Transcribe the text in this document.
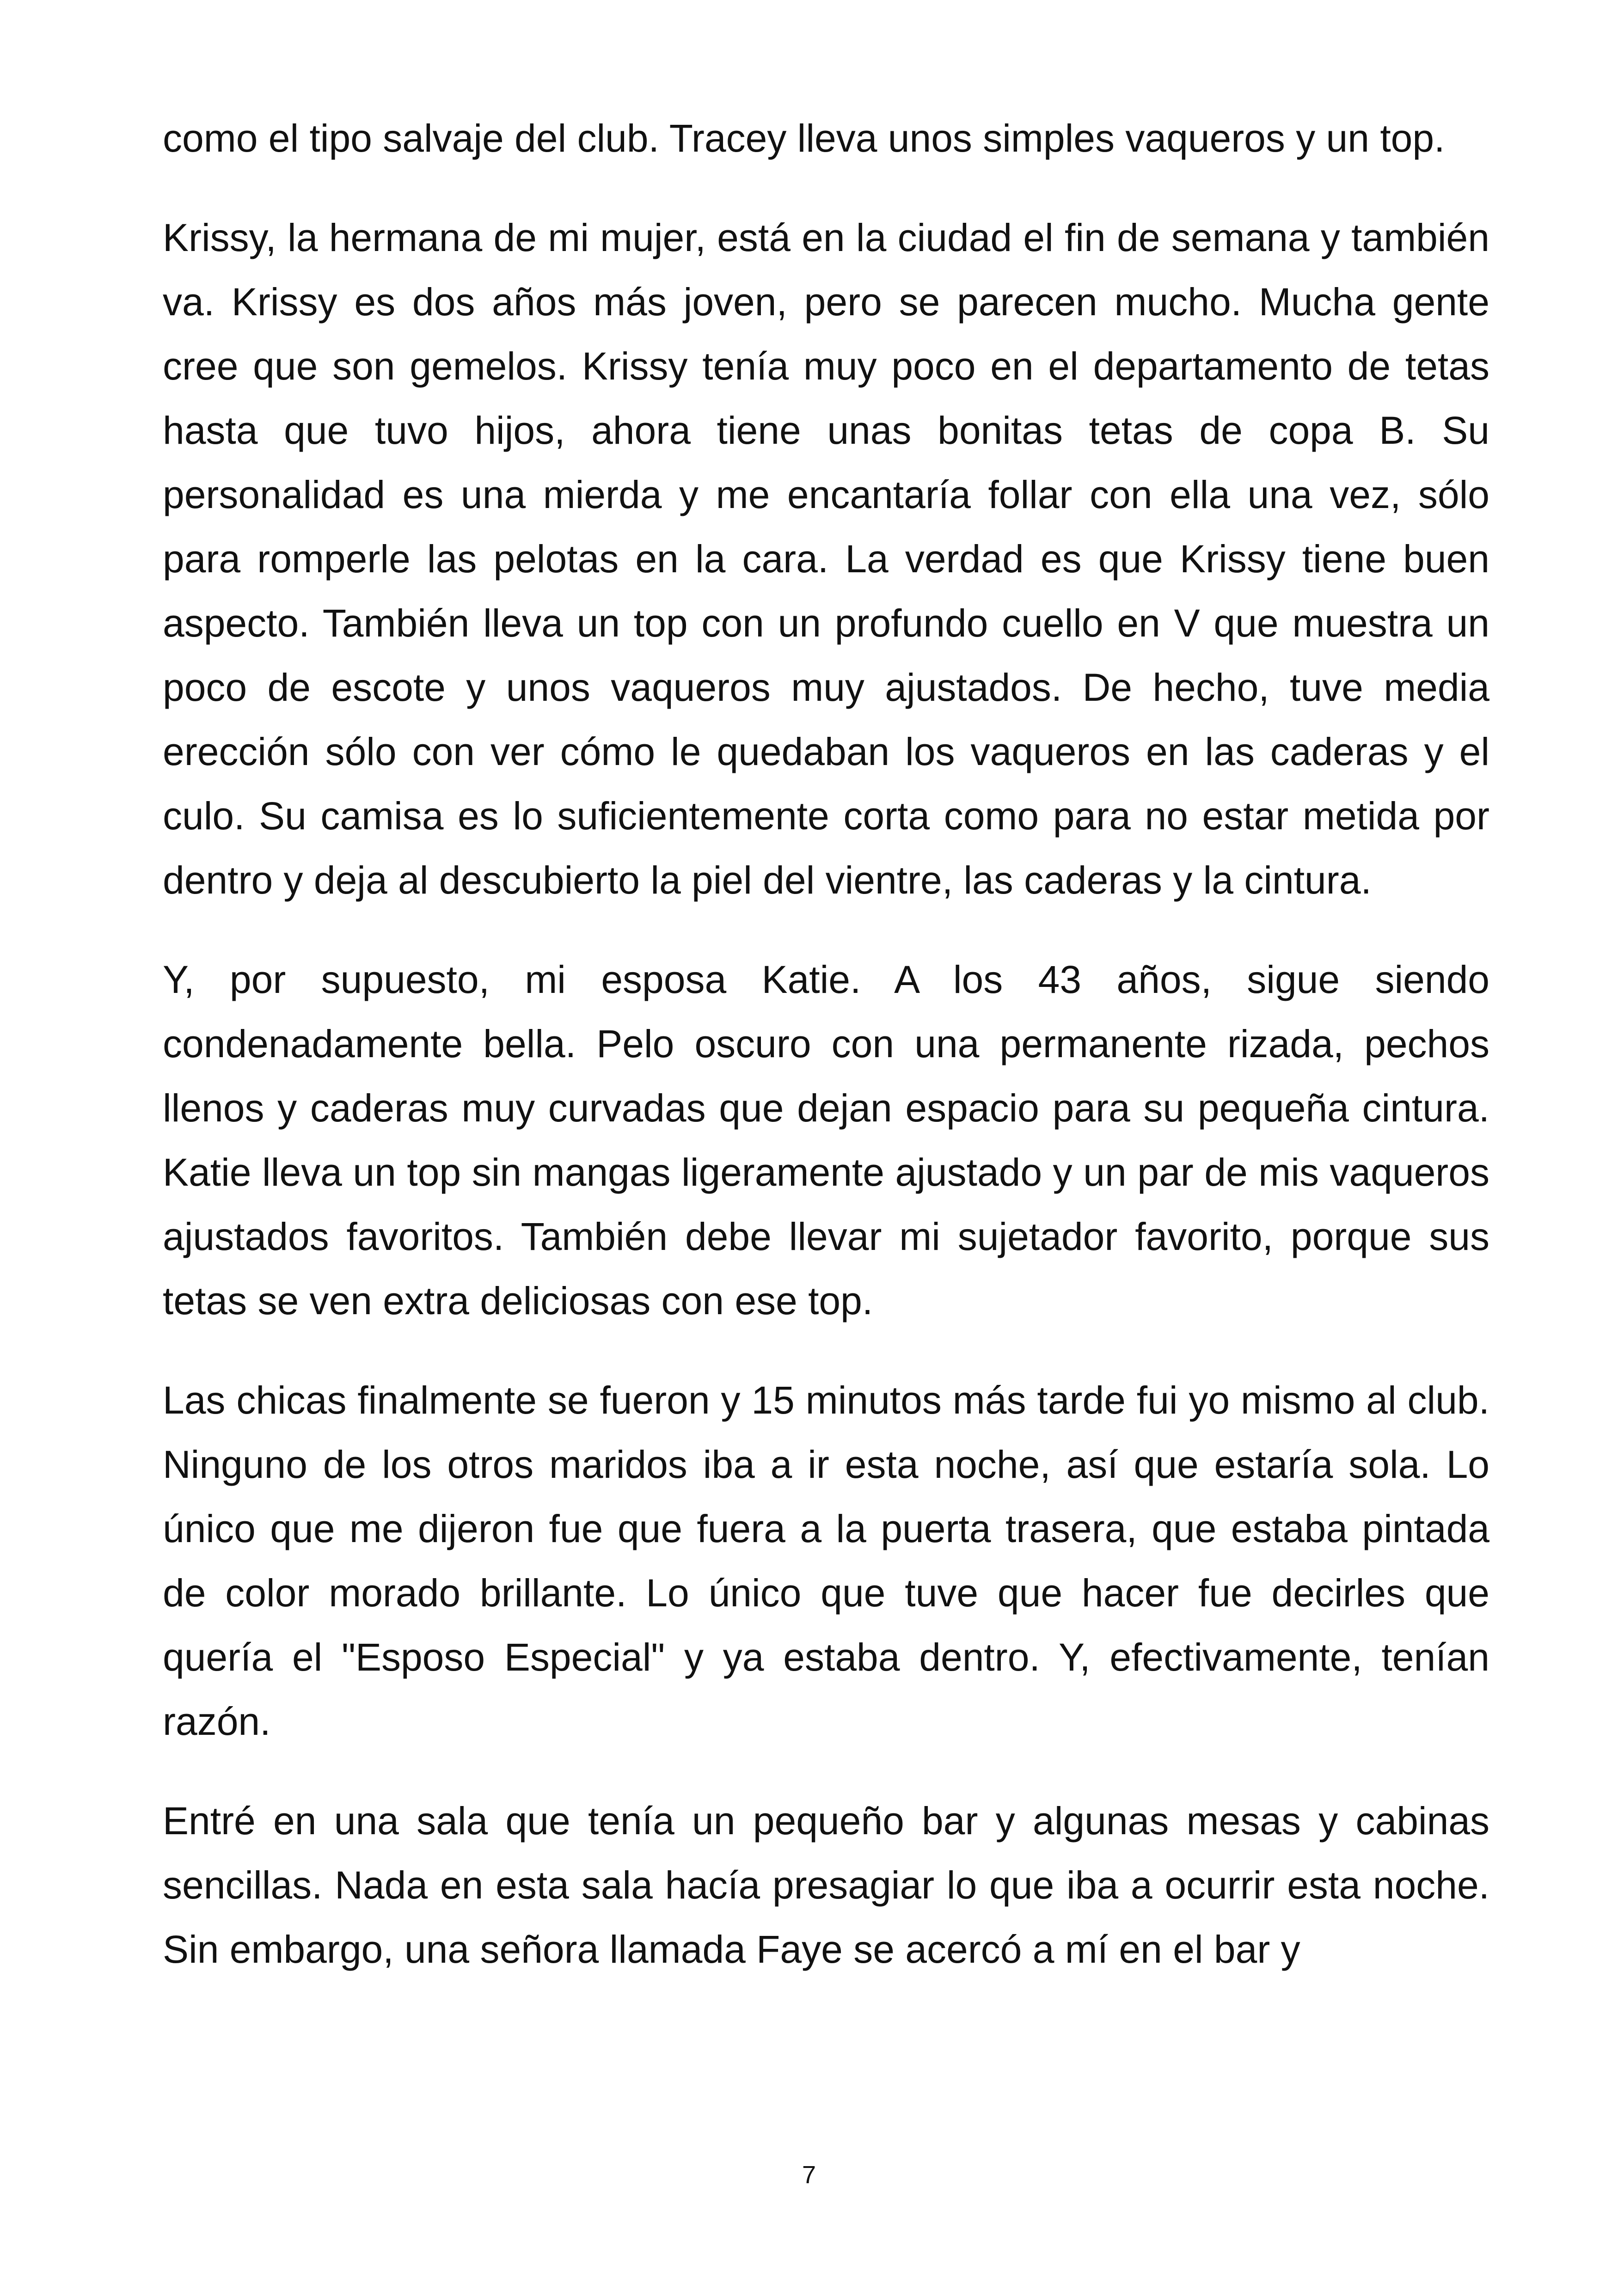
como el tipo salvaje del club. Tracey lleva unos simples vaqueros y un top.

Krissy, la hermana de mi mujer, está en la ciudad el fin de semana y también va. Krissy es dos años más joven, pero se parecen mucho. Mucha gente cree que son gemelos. Krissy tenía muy poco en el departamento de tetas hasta que tuvo hijos, ahora tiene unas bonitas tetas de copa B. Su personalidad es una mierda y me encantaría follar con ella una vez, sólo para romperle las pelotas en la cara. La verdad es que Krissy tiene buen aspecto. También lleva un top con un profundo cuello en V que muestra un poco de escote y unos vaqueros muy ajustados. De hecho, tuve media erección sólo con ver cómo le quedaban los vaqueros en las caderas y el culo. Su camisa es lo suficientemente corta como para no estar metida por dentro y deja al descubierto la piel del vientre, las caderas y la cintura.

Y, por supuesto, mi esposa Katie. A los 43 años, sigue siendo condenadamente bella. Pelo oscuro con una permanente rizada, pechos llenos y caderas muy curvadas que dejan espacio para su pequeña cintura. Katie lleva un top sin mangas ligeramente ajustado y un par de mis vaqueros ajustados favoritos. También debe llevar mi sujetador favorito, porque sus tetas se ven extra deliciosas con ese top.

Las chicas finalmente se fueron y 15 minutos más tarde fui yo mismo al club. Ninguno de los otros maridos iba a ir esta noche, así que estaría sola. Lo único que me dijeron fue que fuera a la puerta trasera, que estaba pintada de color morado brillante. Lo único que tuve que hacer fue decirles que quería el "Esposo Especial" y ya estaba dentro. Y, efectivamente, tenían razón.

Entré en una sala que tenía un pequeño bar y algunas mesas y cabinas sencillas. Nada en esta sala hacía presagiar lo que iba a ocurrir esta noche. Sin embargo, una señora llamada Faye se acercó a mí en el bar y

7
